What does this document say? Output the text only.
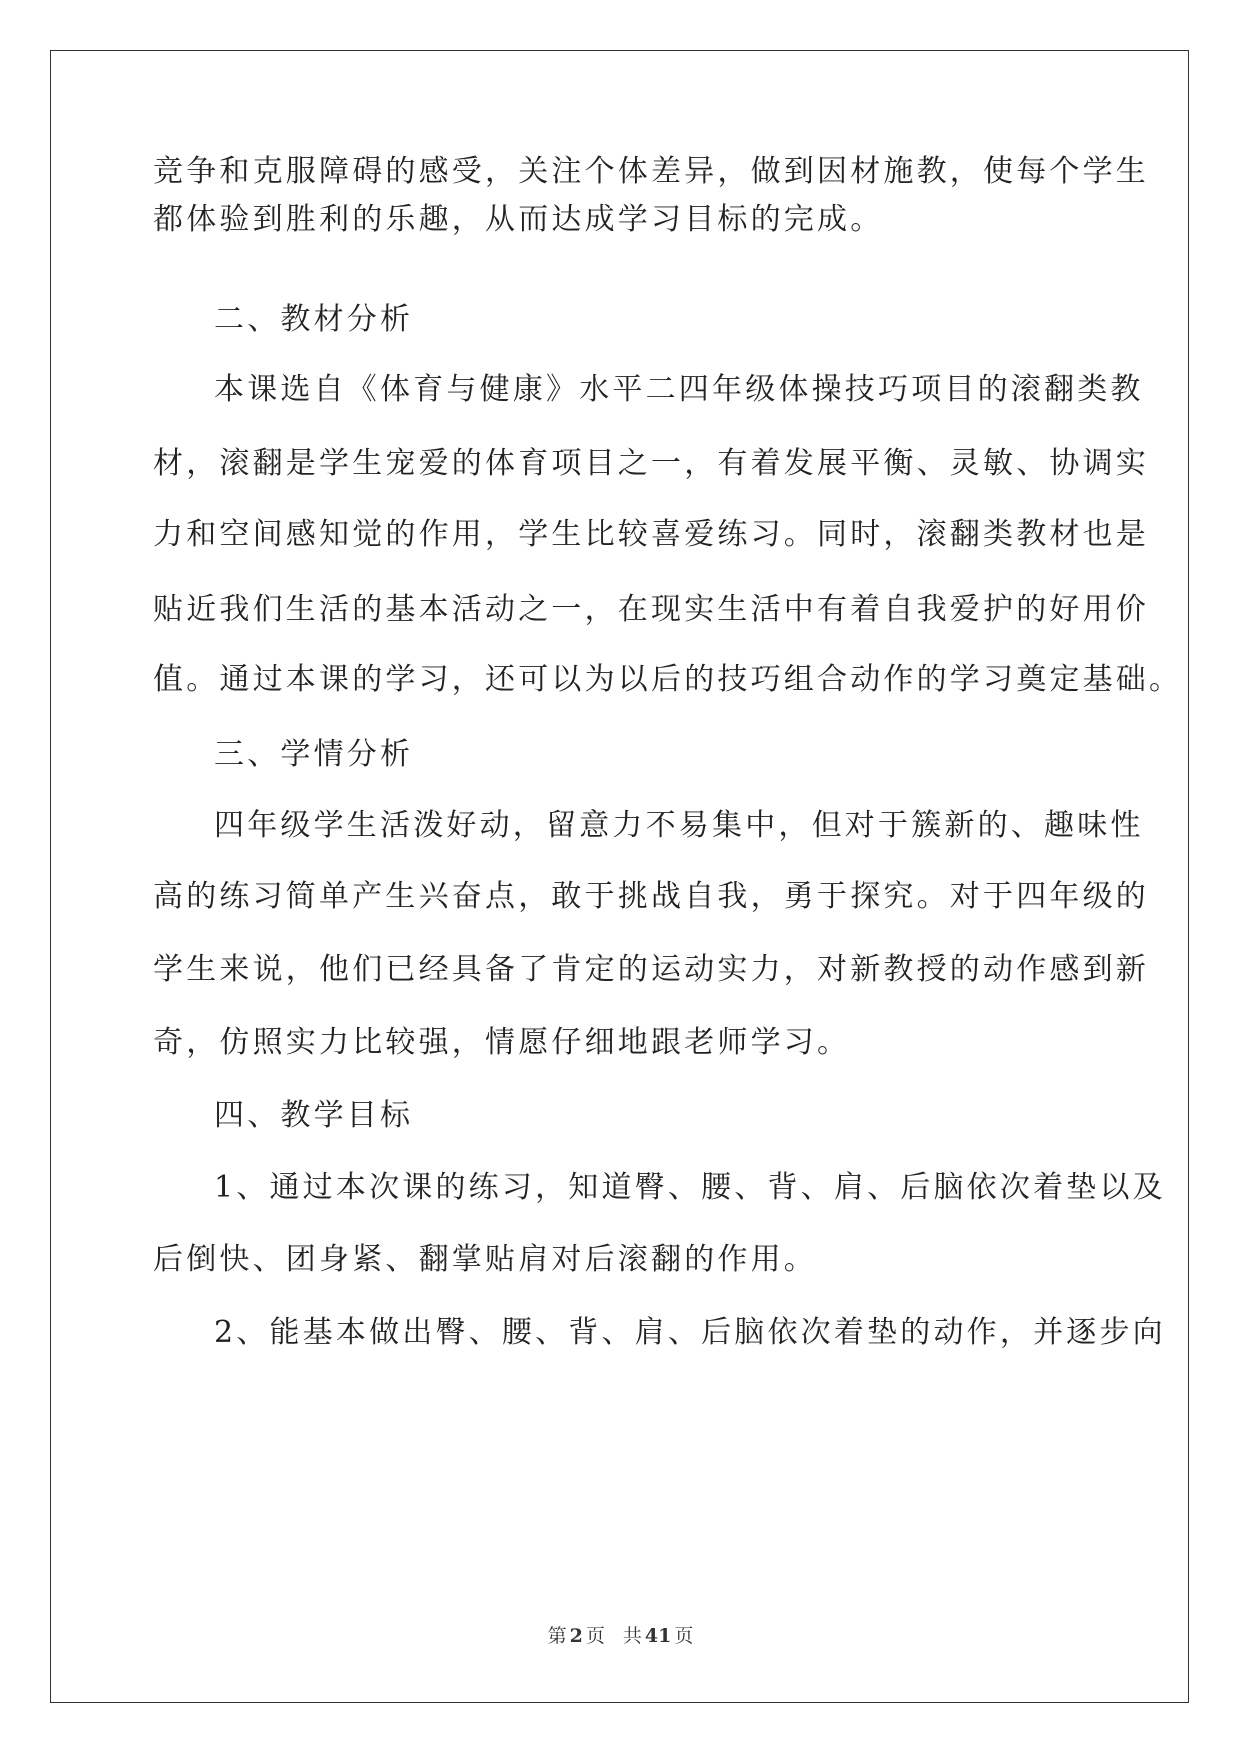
竞争和克服障碍的感受，关注个体差异，做到因材施教，使每个学生
都体验到胜利的乐趣，从而达成学习目标的完成。
二、教材分析
本课选自《体育与健康》水平二四年级体操技巧项目的滚翻类教
材，滚翻是学生宠爱的体育项目之一，有着发展平衡、灵敏、协调实
力和空间感知觉的作用，学生比较喜爱练习。同时，滚翻类教材也是
贴近我们生活的基本活动之一，在现实生活中有着自我爱护的好用价
值。通过本课的学习，还可以为以后的技巧组合动作的学习奠定基础。
三、学情分析
四年级学生活泼好动，留意力不易集中，但对于簇新的、趣味性
高的练习简单产生兴奋点，敢于挑战自我，勇于探究。对于四年级的
学生来说，他们已经具备了肯定的运动实力，对新教授的动作感到新
奇，仿照实力比较强，情愿仔细地跟老师学习。
四、教学目标
1、通过本次课的练习，知道臀、腰、背、肩、后脑依次着垫以及
后倒快、团身紧、翻掌贴肩对后滚翻的作用。
2、能基本做出臀、腰、背、肩、后脑依次着垫的动作，并逐步向
第 2 页 共 41 页
